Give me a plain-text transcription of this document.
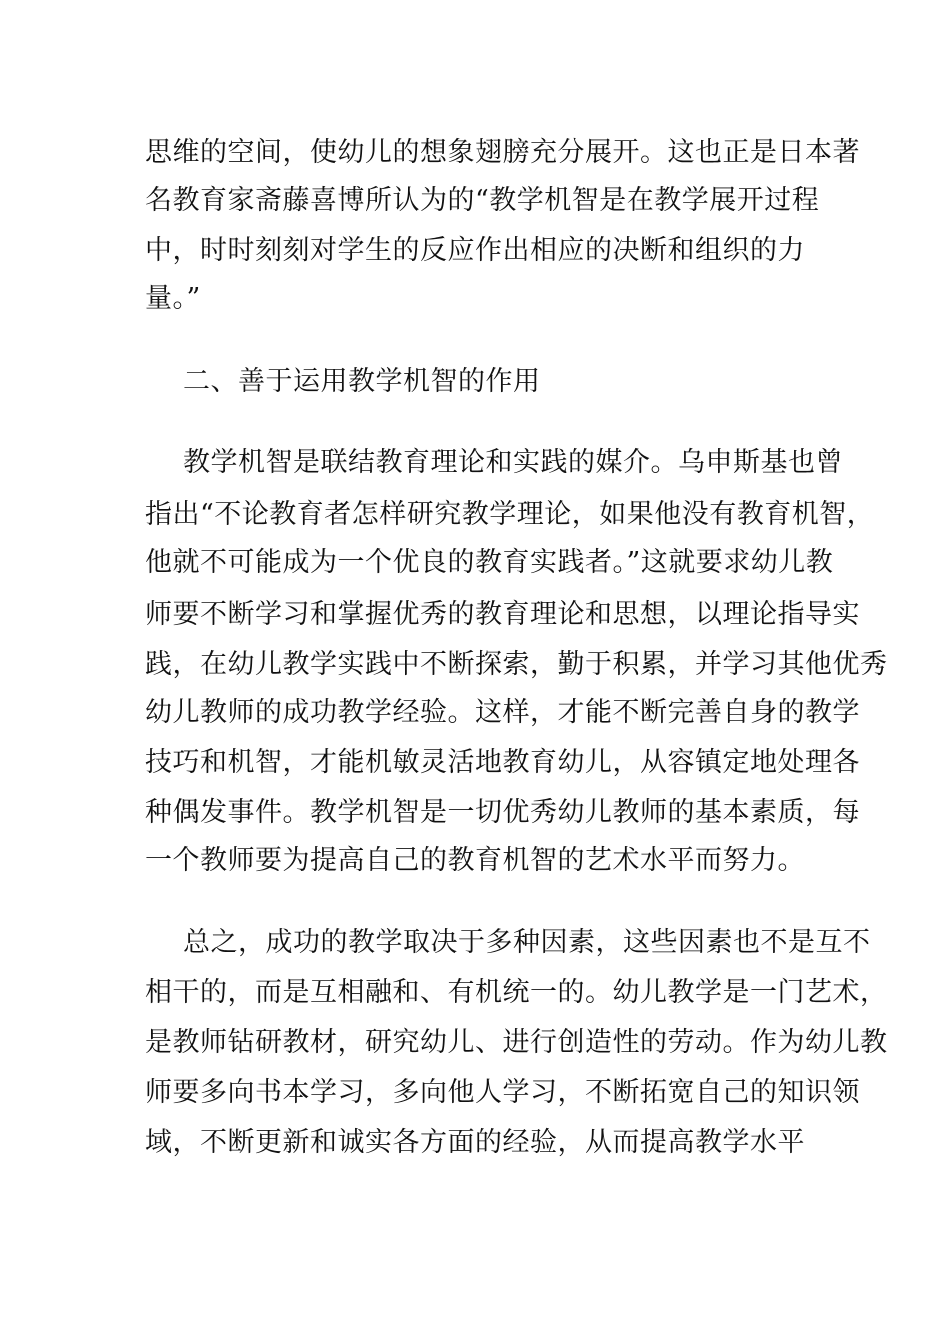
思维的空间，使幼儿的想象翅膀充分展开。这也正是日本著
名教育家斋藤喜博所认为的“教学机智是在教学展开过程
中，时时刻刻对学生的反应作出相应的决断和组织的力
量。”
二、善于运用教学机智的作用
教学机智是联结教育理论和实践的媒介。乌申斯基也曾
指出“不论教育者怎样研究教学理论，如果他没有教育机智，
他就不可能成为一个优良的教育实践者。”这就要求幼儿教
师要不断学习和掌握优秀的教育理论和思想，以理论指导实
践，在幼儿教学实践中不断探索，勤于积累，并学习其他优秀
幼儿教师的成功教学经验。这样，才能不断完善自身的教学
技巧和机智，才能机敏灵活地教育幼儿，从容镇定地处理各
种偶发事件。教学机智是一切优秀幼儿教师的基本素质，每
一个教师要为提高自己的教育机智的艺术水平而努力。
总之，成功的教学取决于多种因素，这些因素也不是互不
相干的，而是互相融和、有机统一的。幼儿教学是一门艺术，
是教师钻研教材，研究幼儿、进行创造性的劳动。作为幼儿教
师要多向书本学习，多向他人学习，不断拓宽自己的知识领
域，不断更新和诚实各方面的经验，从而提高教学水平
